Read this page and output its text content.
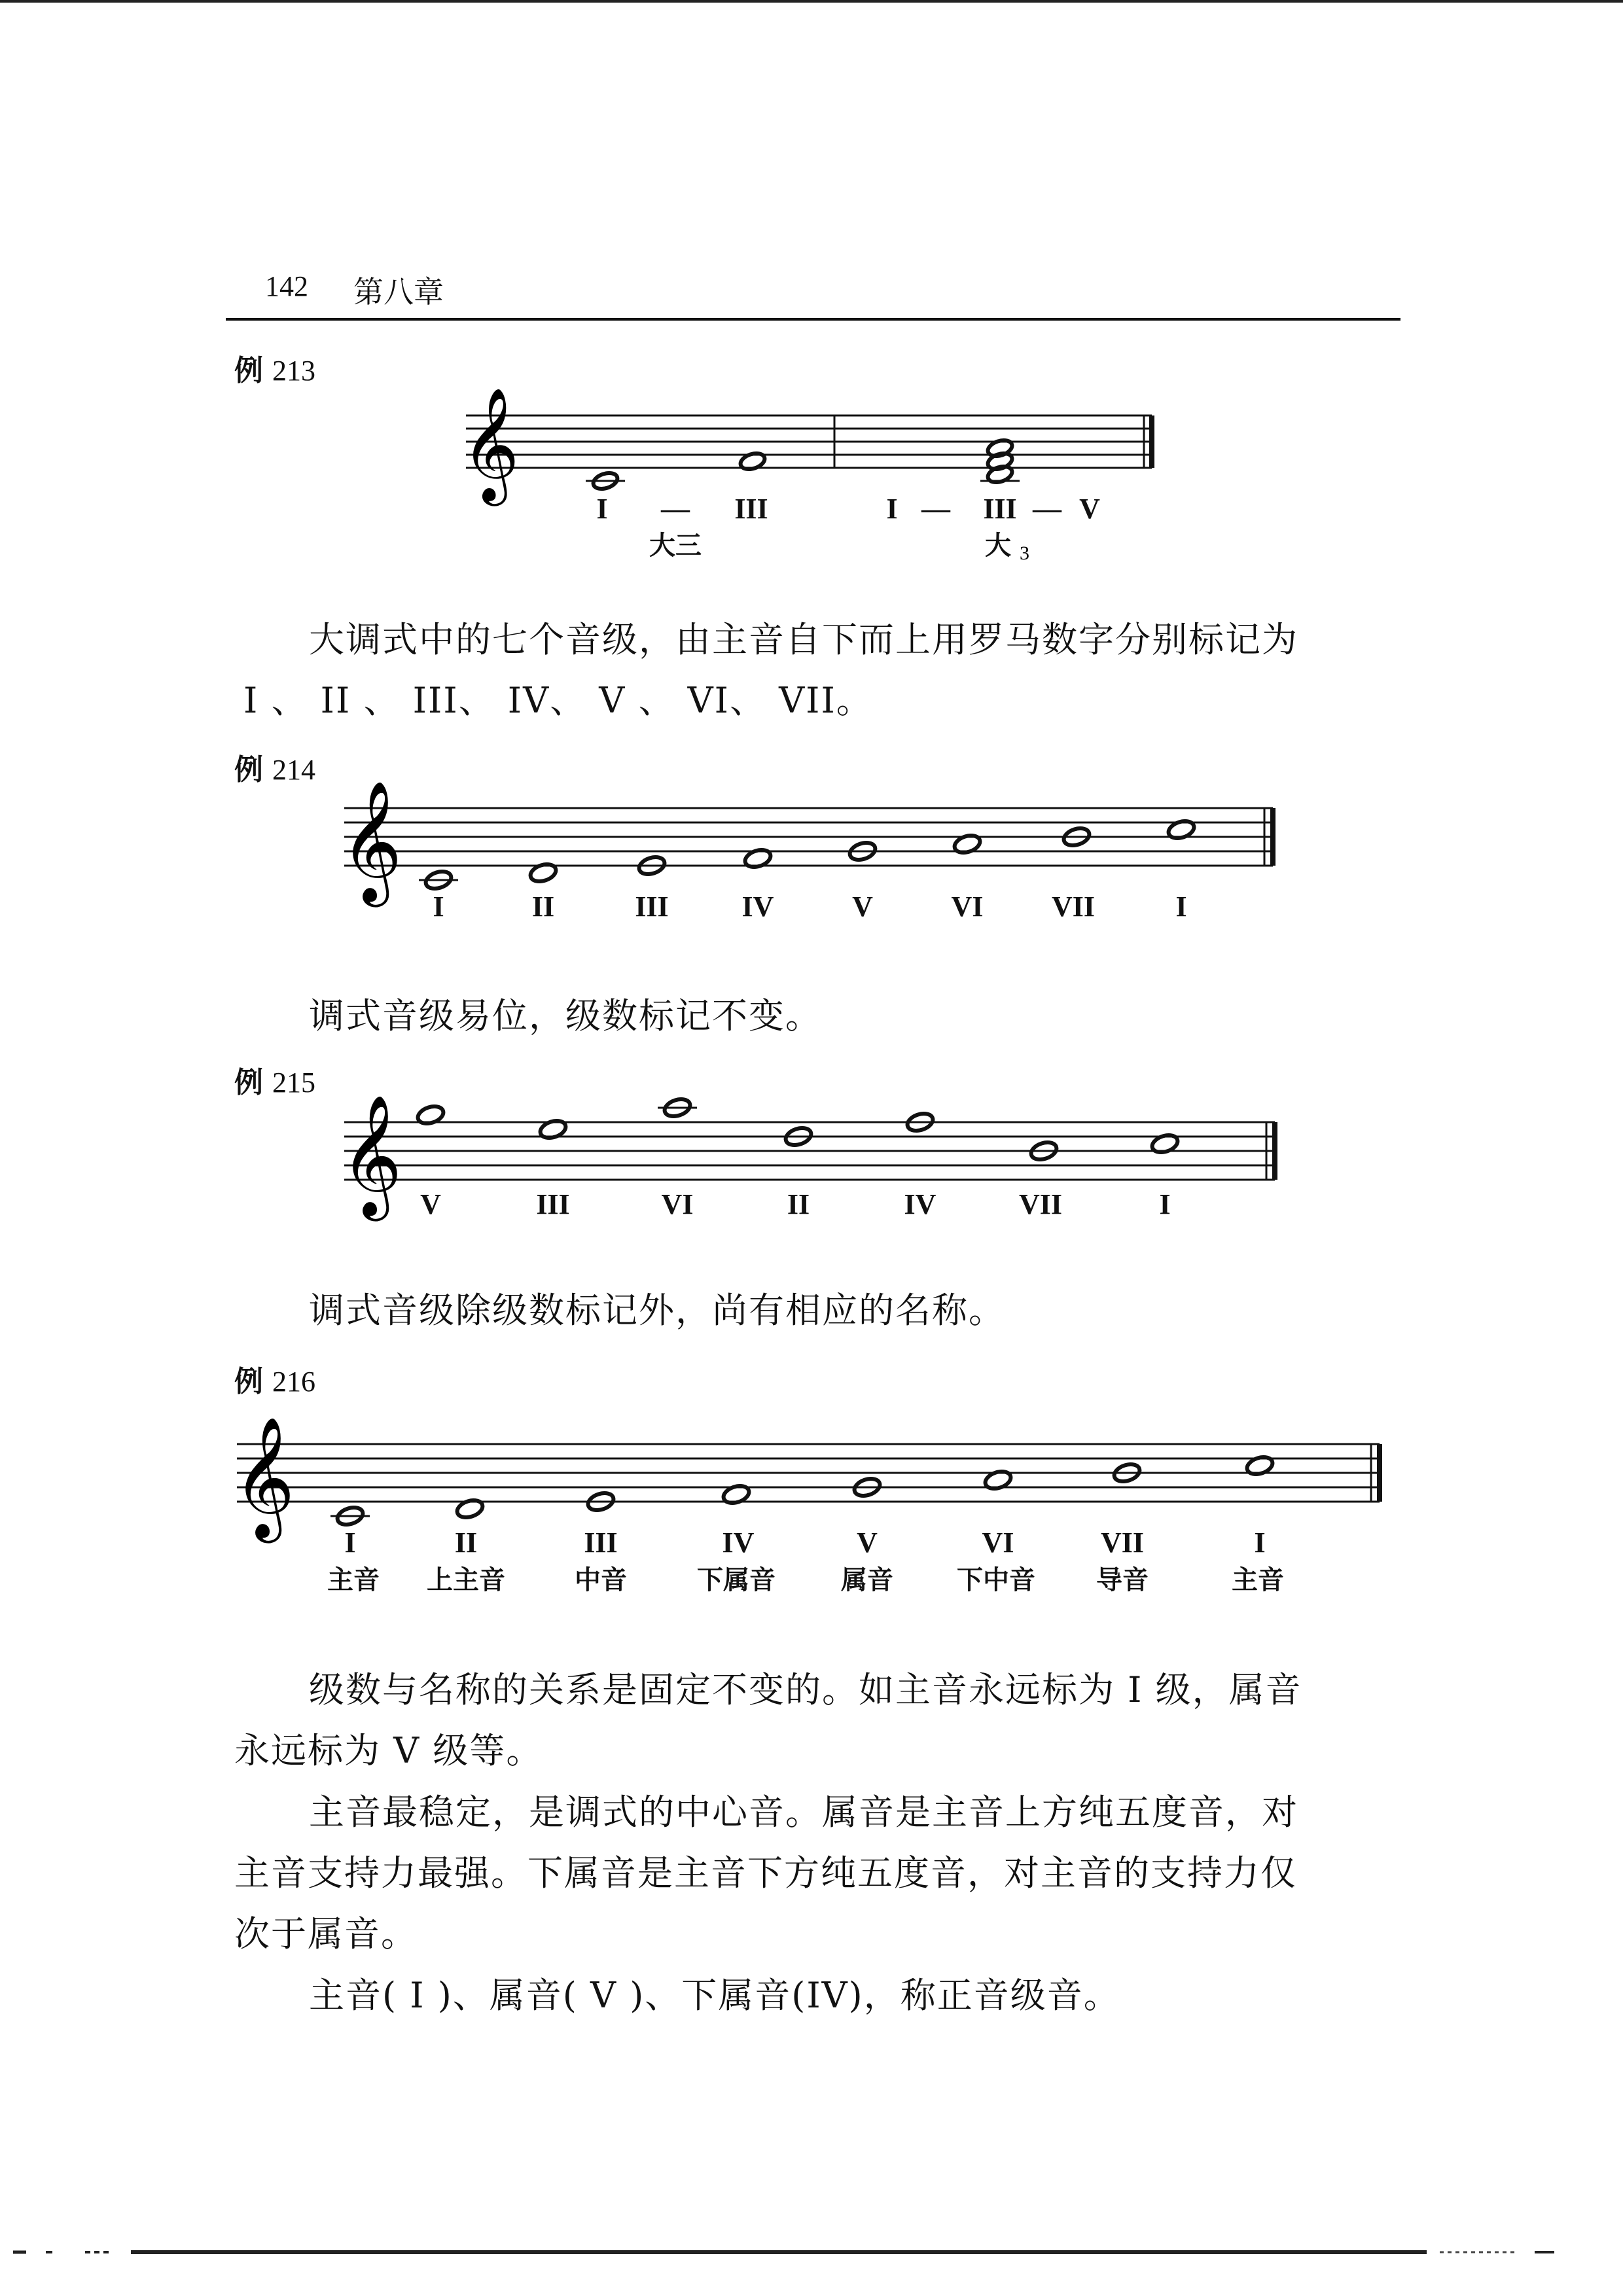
142 第八章
例 213
𝄞
I — III	I — III — V
大三	大 3

大调式中的七个音级，由主音自下而上用罗马数字分别标记为

I 、 II 、 III、 IV、 V 、 VI、 VII。

例 214
𝄞
I	II	III	IV	V	VI VII	I

调式音级易位，级数标记不变。

例 215
𝄞 V	III	VI	II	IV	VII	I

调式音级除级数标记外，尚有相应的名称。

例 216
𝄞
I	II	III	IV	V	VI	VII	I
主音 上主音	中音	下属音	属音 下中音 导音	主音

级数与名称的关系是固定不变的。如主音永远标为 I 级，属音

永远标为 V 级等。

主音最稳定，是调式的中心音。属音是主音上方纯五度音，对

主音支持力最强。下属音是主音下方纯五度音，对主音的支持力仅

次于属音。

主音( I )、属音( V )、下属音(IV)，称正音级音。
